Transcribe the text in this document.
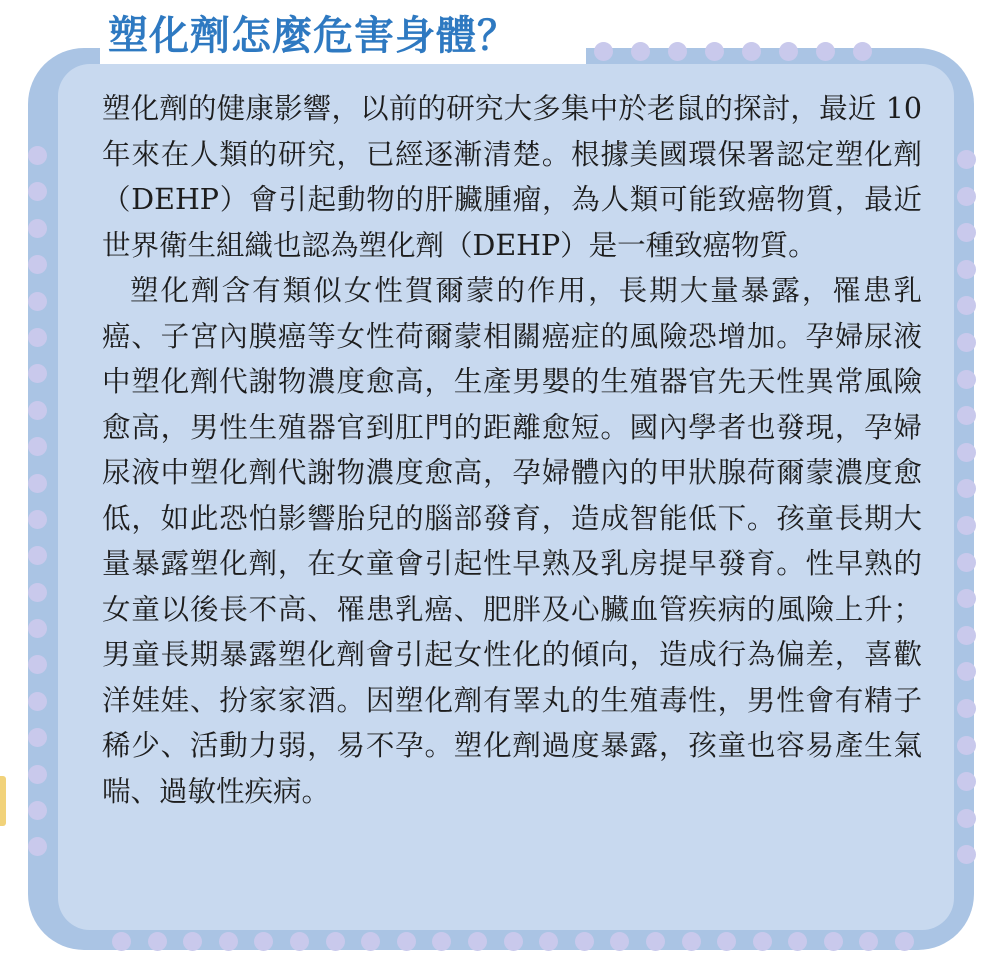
塑化劑怎麼危害身體？

塑化劑的健康影響，以前的研究大多集中於老鼠的探討，最近 10 年來在人類的研究，已經逐漸清楚。根據美國環保署認定塑化劑（DEHP）會引起動物的肝臟腫瘤，為人類可能致癌物質，最近世界衛生組織也認為塑化劑（DEHP）是一種致癌物質。

塑化劑含有類似女性賀爾蒙的作用，長期大量暴露，罹患乳癌、子宮內膜癌等女性荷爾蒙相關癌症的風險恐增加。孕婦尿液中塑化劑代謝物濃度愈高，生產男嬰的生殖器官先天性異常風險愈高，男性生殖器官到肛門的距離愈短。國內學者也發現，孕婦尿液中塑化劑代謝物濃度愈高，孕婦體內的甲狀腺荷爾蒙濃度愈低，如此恐怕影響胎兒的腦部發育，造成智能低下。孩童長期大量暴露塑化劑，在女童會引起性早熟及乳房提早發育。性早熟的女童以後長不高、罹患乳癌、肥胖及心臟血管疾病的風險上升；男童長期暴露塑化劑會引起女性化的傾向，造成行為偏差，喜歡洋娃娃、扮家家酒。因塑化劑有睪丸的生殖毒性，男性會有精子稀少、活動力弱，易不孕。塑化劑過度暴露，孩童也容易產生氣喘、過敏性疾病。
